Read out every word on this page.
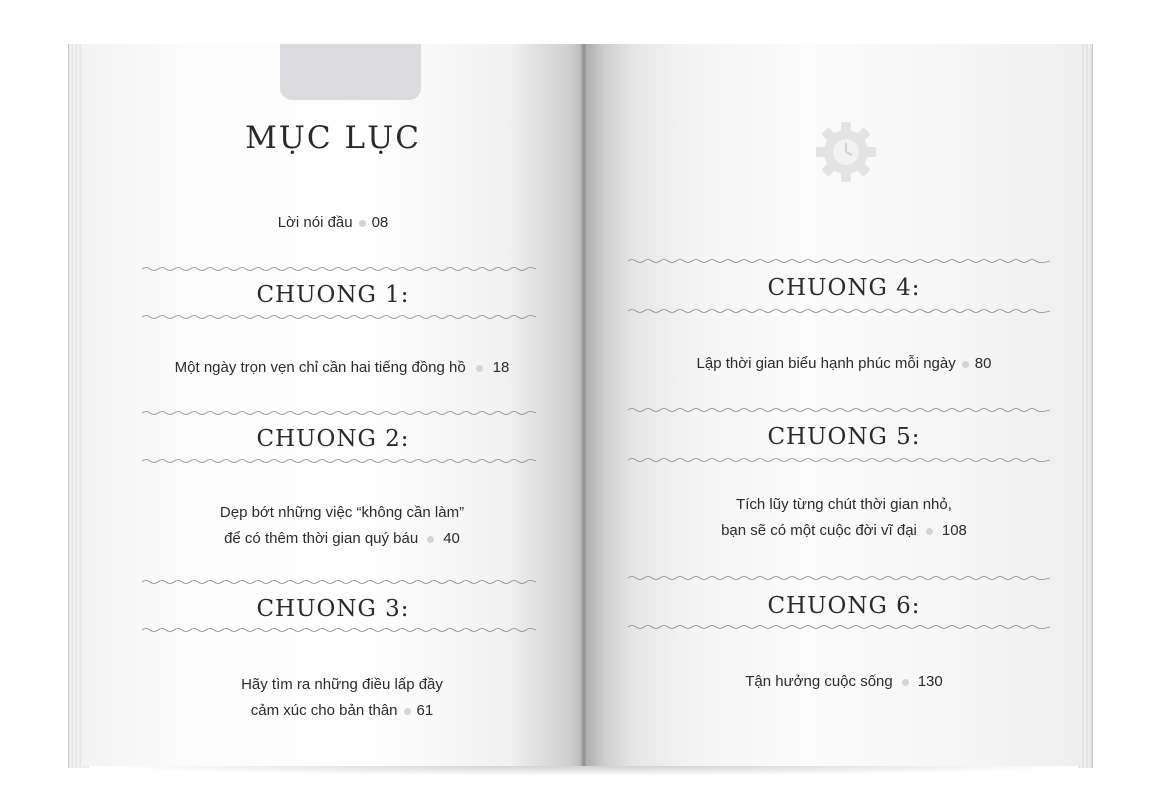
MỤC LỤC
Lời nói đầu 08
CHUONG 1:
Một ngày trọn vẹn chỉ cần hai tiếng đồng hồ 18
CHUONG 2:
Dẹp bớt những việc “không cần làm”
để có thêm thời gian quý báu 40
CHUONG 3:
Hãy tìm ra những điều lấp đầy
cảm xúc cho bản thân 61
CHUONG 4:
Lập thời gian biểu hạnh phúc mỗi ngày 80
CHUONG 5:
Tích lũy từng chút thời gian nhỏ,
bạn sẽ có một cuộc đời vĩ đại 108
CHUONG 6:
Tận hưởng cuộc sống 130
